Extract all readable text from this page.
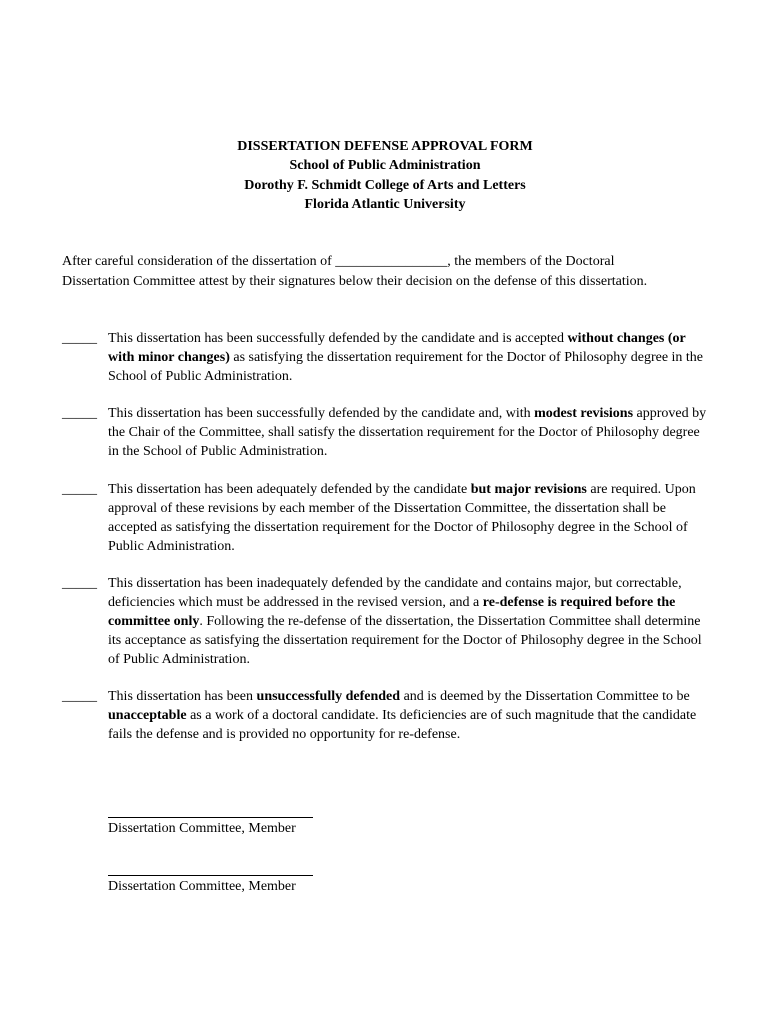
DISSERTATION DEFENSE APPROVAL FORM
School of Public Administration
Dorothy F. Schmidt College of Arts and Letters
Florida Atlantic University
After careful consideration of the dissertation of ________________, the members of the Doctoral
Dissertation Committee attest by their signatures below their decision on the defense of this dissertation.
_____ This dissertation has been successfully defended by the candidate and is accepted without changes (or with minor changes) as satisfying the dissertation requirement for the Doctor of Philosophy degree in the School of Public Administration.
_____ This dissertation has been successfully defended by the candidate and, with modest revisions approved by the Chair of the Committee, shall satisfy the dissertation requirement for the Doctor of Philosophy degree in the School of Public Administration.
_____ This dissertation has been adequately defended by the candidate but major revisions are required. Upon approval of these revisions by each member of the Dissertation Committee, the dissertation shall be accepted as satisfying the dissertation requirement for the Doctor of Philosophy degree in the School of Public Administration.
_____ This dissertation has been inadequately defended by the candidate and contains major, but correctable, deficiencies which must be addressed in the revised version, and a re-defense is required before the committee only. Following the re-defense of the dissertation, the Dissertation Committee shall determine its acceptance as satisfying the dissertation requirement for the Doctor of Philosophy degree in the School of Public Administration.
_____ This dissertation has been unsuccessfully defended and is deemed by the Dissertation Committee to be unacceptable as a work of a doctoral candidate. Its deficiencies are of such magnitude that the candidate fails the defense and is provided no opportunity for re-defense.
Dissertation Committee, Member
Dissertation Committee, Member
